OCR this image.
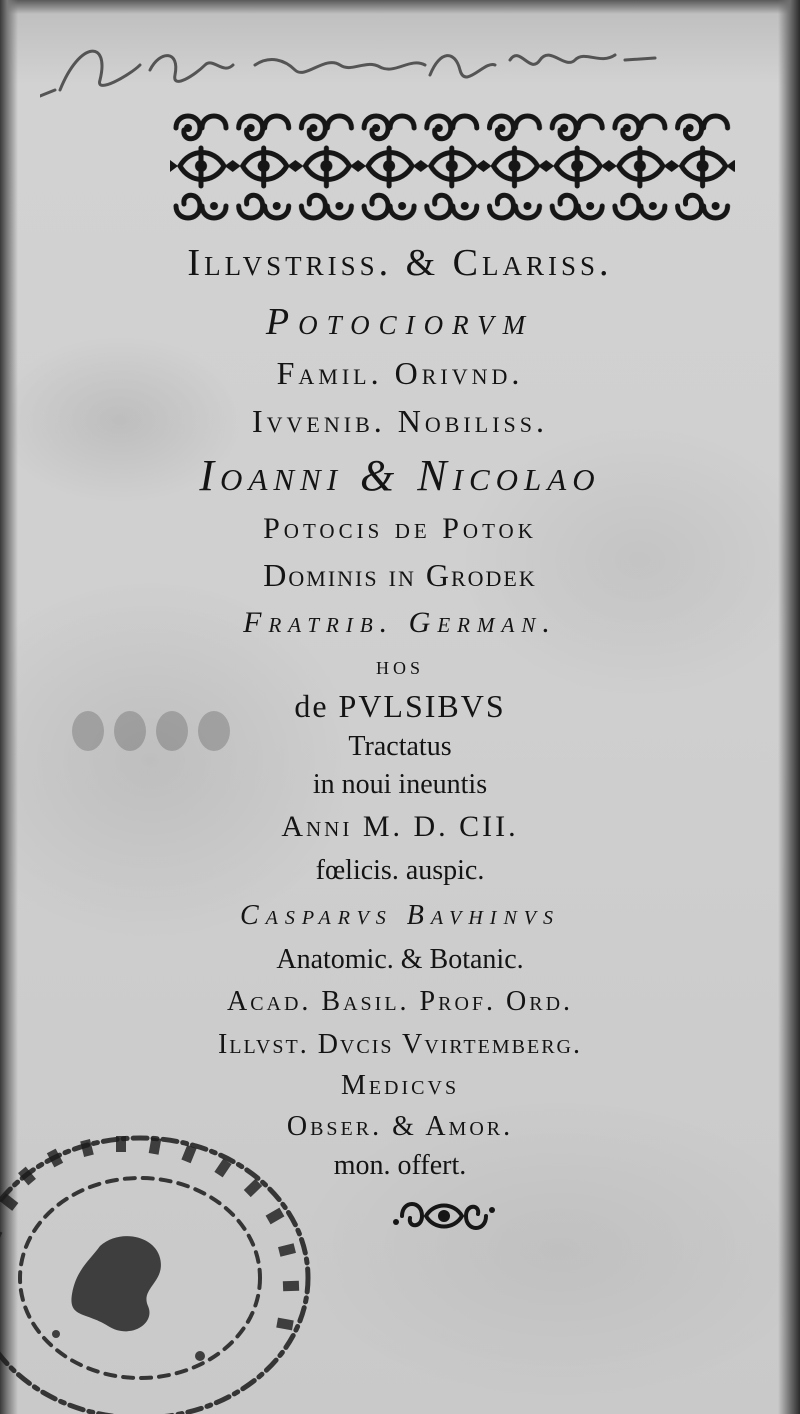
Illvstriss. & Clariss.
Potociorvm
Famil. Orivnd.
Ivvenib. Nobiliss.
Ioanni & Nicolao
Potocis de Potok
Dominis in Grodek
Fratrib. German.
hos
de PVLSIBVS
Tractatus
in noui ineuntis
Anni M. D. CII.
fœlicis. auspic.
Casparvs Bavhinvs
Anatomic. & Botanic.
Acad. Basil. Prof. Ord.
Illvst. Dvcis Vvirtemberg.
Medicvs
Obser. & Amor.
mon. offert.
